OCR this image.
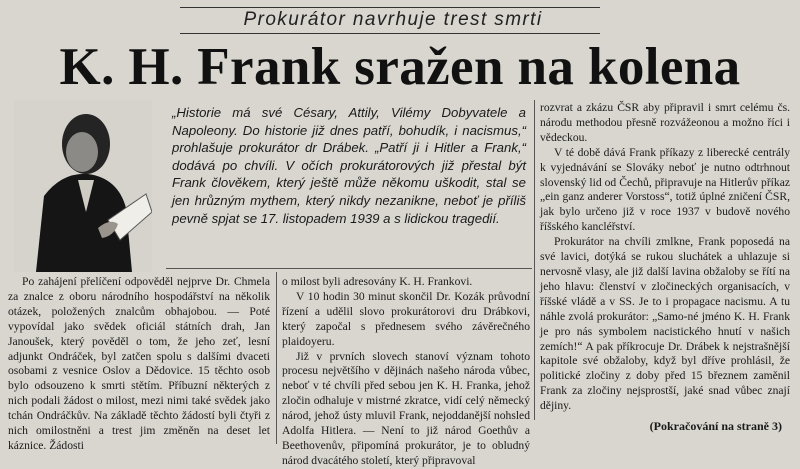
Prokurátor navrhuje trest smrti
K. H. Frank sražen na kolena
„Historie má své Césary, Attily, Vilémy Dobyvatele a Napoleony. Do historie již dnes patří, bohudík, i nacismus,“ prohlašuje prokurátor dr Drábek. „Patří ji i Hitler a Frank,“ dodává po chvíli. V očích prokurátorových již přestal být Frank člověkem, který ještě může někomu uškodit, stal se jen hrůzným mythem, který nikdy nezanikne, neboť je příliš pevně spjat se 17. listopadem 1939 a s lidickou tragedií.

Po zahájení přelíčení odpověděl nejprve Dr. Chmela za znalce z oboru národního hospodářství na několik otázek, položených znalcům obhajobou. — Poté vypovídal jako svědek oficiál státních drah, Jan Janoušek, který pověděl o tom, že jeho zeť, lesní adjunkt Ondráček, byl zatčen spolu s dalšími dvaceti osobami z vesnice Oslov a Dědovice. 15 těchto osob bylo odsouzeno k smrti stětím. Příbuzní některých z nich podali žádost o milost, mezi nimi také svědek jako tchán Ondráčkův. Na základě těchto žádostí byli čtyři z nich omilostněni a trest jim změněn na deset let káznice. Žádosti

o milost byli adresovány K. H. Frankovi.

V 10 hodin 30 minut skončil Dr. Kozák průvodní řízení a udělil slovo prokurátorovi dru Drábkovi, který započal s přednesem svého závěrečného plaidoyeru.

Již v prvních slovech stanoví význam tohoto procesu největšího v dějinách našeho národa vůbec, neboť v té chvíli před sebou jen K. H. Franka, jehož zločin odhaluje v mistrné zkratce, vidí celý německý národ, jehož ústy mluvil Frank, nejoddanější nohsled Adolfa Hitlera. — Není to již národ Goethův a Beethovenův, připomíná prokurátor, je to obludný národ dvacátého století, který připravoval

rozvrat a zkázu ČSR aby připravil i smrt celému čs. národu methodou přesně rozvážeonou a možno říci i vědeckou.

V té době dává Frank příkazy z liberecké centrály k vyjednávání se Slováky neboť je nutno odtrhnout slovenský lid od Čechů, připravuje na Hitlerův příkaz „ein ganz anderer Vorstoss“, totiž úplné zničení ČSR, jak bylo určeno již v roce 1937 v budově nového říšského kancléřství.

Prokurátor na chvíli zmlkne, Frank poposedá na své lavici, dotýká se rukou sluchátek a uhlazuje si nervosně vlasy, ale již další lavina obžaloby se řítí na jeho hlavu: členství v zločineckých organisacích, v říšské vládě a v SS. Je to i propagace nacismu. A tu náhle zvolá prokurátor: „Samo-né jméno K. H. Frank je pro nás symbolem nacistického hnutí v našich zemích!“ A pak příkrocuje Dr. Drábek k nejstrašnější kapitole své obžaloby, když byl dříve prohlásil, že politické zločiny z doby před 15 březnem zaměnil Frank za zločiny nejsprostší, jaké snad vůbec znají dějiny.

(Pokračování na straně 3)
